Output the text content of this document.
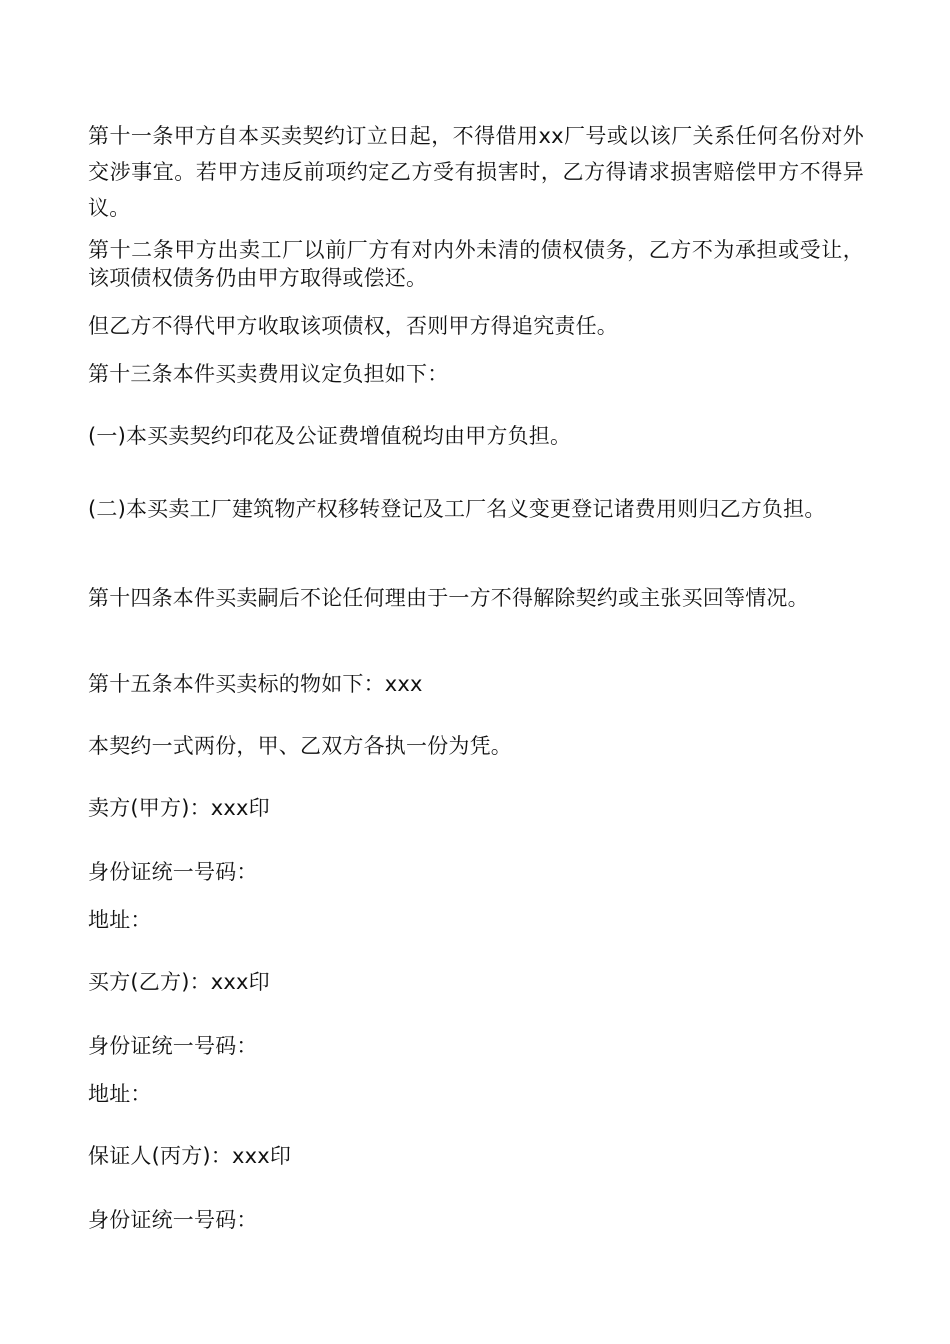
第十一条甲方自本买卖契约订立日起，不得借用xx厂号或以该厂关系任何名份对外交涉事宜。若甲方违反前项约定乙方受有损害时，乙方得请求损害赔偿甲方不得异议。

第十二条甲方出卖工厂以前厂方有对内外未清的债权债务，乙方不为承担或受让，该项债权债务仍由甲方取得或偿还。

但乙方不得代甲方收取该项债权，否则甲方得追究责任。

第十三条本件买卖费用议定负担如下：

(一)本买卖契约印花及公证费增值税均由甲方负担。

(二)本买卖工厂建筑物产权移转登记及工厂名义变更登记诸费用则归乙方负担。

第十四条本件买卖嗣后不论任何理由于一方不得解除契约或主张买回等情况。

第十五条本件买卖标的物如下：xxx

本契约一式两份，甲、乙双方各执一份为凭。

卖方(甲方)：xxx印

身份证统一号码：

地址：

买方(乙方)：xxx印

身份证统一号码：

地址：

保证人(丙方)：xxx印

身份证统一号码：
